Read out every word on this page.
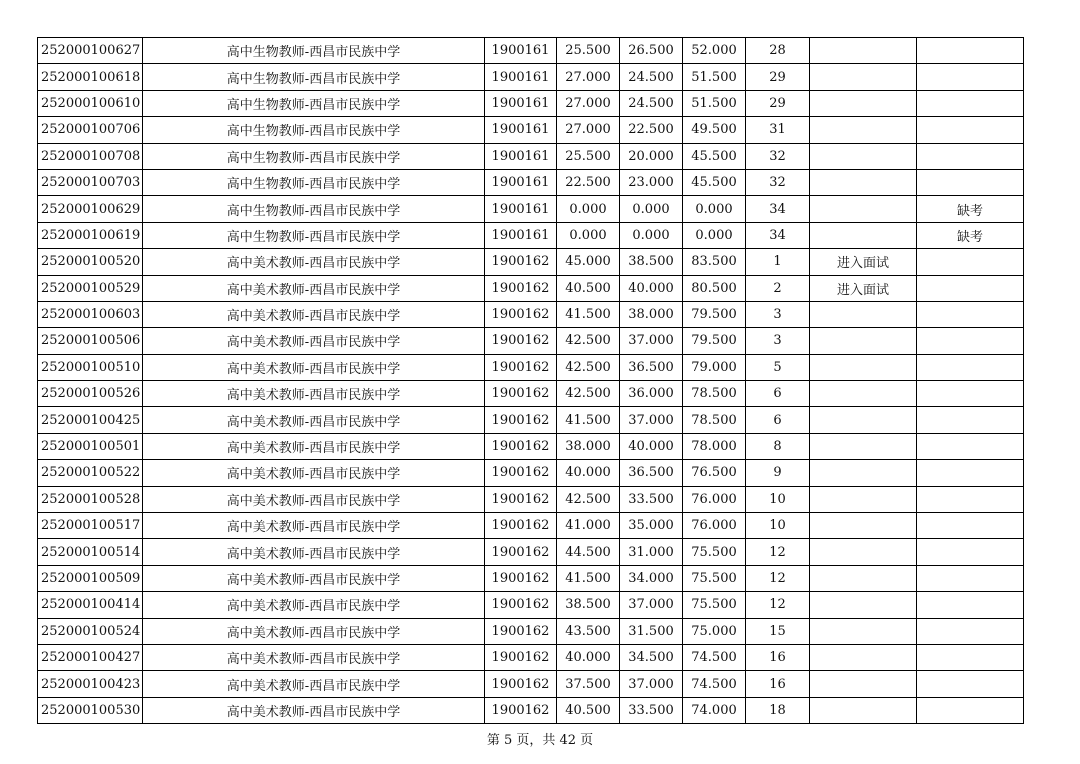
252000100627	高中生物教师-西昌市民族中学	1900161	25.500	26.500	52.000	28		
252000100618	高中生物教师-西昌市民族中学	1900161	27.000	24.500	51.500	29		
252000100610	高中生物教师-西昌市民族中学	1900161	27.000	24.500	51.500	29		
252000100706	高中生物教师-西昌市民族中学	1900161	27.000	22.500	49.500	31		
252000100708	高中生物教师-西昌市民族中学	1900161	25.500	20.000	45.500	32		
252000100703	高中生物教师-西昌市民族中学	1900161	22.500	23.000	45.500	32		
252000100629	高中生物教师-西昌市民族中学	1900161	0.000	0.000	0.000	34		缺考
252000100619	高中生物教师-西昌市民族中学	1900161	0.000	0.000	0.000	34		缺考
252000100520	高中美术教师-西昌市民族中学	1900162	45.000	38.500	83.500	1	进入面试	
252000100529	高中美术教师-西昌市民族中学	1900162	40.500	40.000	80.500	2	进入面试	
252000100603	高中美术教师-西昌市民族中学	1900162	41.500	38.000	79.500	3		
252000100506	高中美术教师-西昌市民族中学	1900162	42.500	37.000	79.500	3		
252000100510	高中美术教师-西昌市民族中学	1900162	42.500	36.500	79.000	5		
252000100526	高中美术教师-西昌市民族中学	1900162	42.500	36.000	78.500	6		
252000100425	高中美术教师-西昌市民族中学	1900162	41.500	37.000	78.500	6		
252000100501	高中美术教师-西昌市民族中学	1900162	38.000	40.000	78.000	8		
252000100522	高中美术教师-西昌市民族中学	1900162	40.000	36.500	76.500	9		
252000100528	高中美术教师-西昌市民族中学	1900162	42.500	33.500	76.000	10		
252000100517	高中美术教师-西昌市民族中学	1900162	41.000	35.000	76.000	10		
252000100514	高中美术教师-西昌市民族中学	1900162	44.500	31.000	75.500	12		
252000100509	高中美术教师-西昌市民族中学	1900162	41.500	34.000	75.500	12		
252000100414	高中美术教师-西昌市民族中学	1900162	38.500	37.000	75.500	12		
252000100524	高中美术教师-西昌市民族中学	1900162	43.500	31.500	75.000	15		
252000100427	高中美术教师-西昌市民族中学	1900162	40.000	34.500	74.500	16		
252000100423	高中美术教师-西昌市民族中学	1900162	37.500	37.000	74.500	16		
252000100530	高中美术教师-西昌市民族中学	1900162	40.500	33.500	74.000	18		
第 5 页，共 42 页
